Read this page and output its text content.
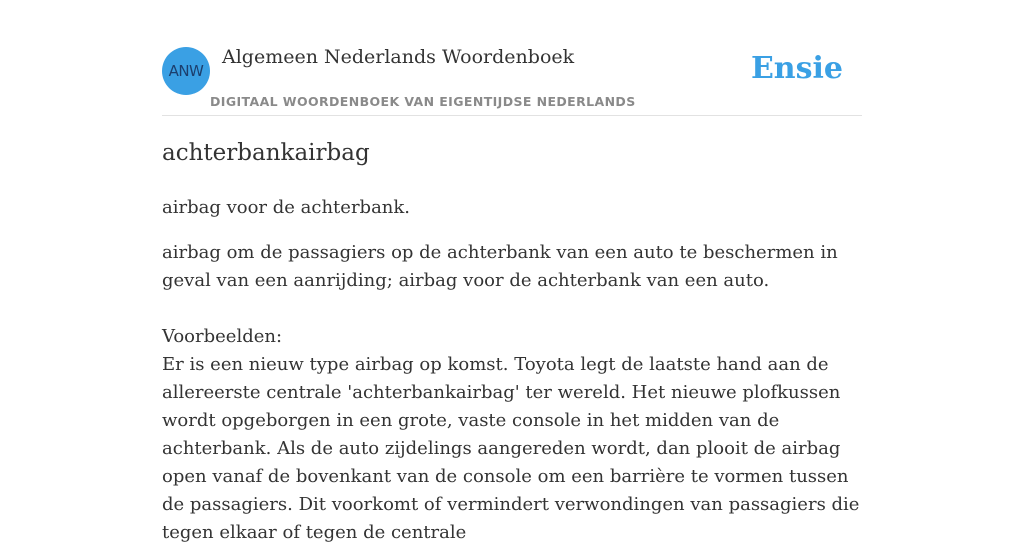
ANW
Algemeen Nederlands Woordenboek
DIGITAAL WOORDENBOEK VAN EIGENTIJDSE NEDERLANDS
Ensie
achterbankairbag
airbag voor de achterbank.
airbag om de passagiers op de achterbank van een auto te beschermen in geval van een aanrijding; airbag voor de achterbank van een auto.
Voorbeelden:
Er is een nieuw type airbag op komst. Toyota legt de laatste hand aan de allereerste centrale 'achterbankairbag' ter wereld. Het nieuwe plofkussen wordt opgeborgen in een grote, vaste console in het midden van de achterbank. Als de auto zijdelings aangereden wordt, dan plooit de airbag open vanaf de bovenkant van de console om een barrière te vormen tussen de passagiers. Dit voorkomt of vermindert verwondingen van passagiers die tegen elkaar of tegen de centrale
